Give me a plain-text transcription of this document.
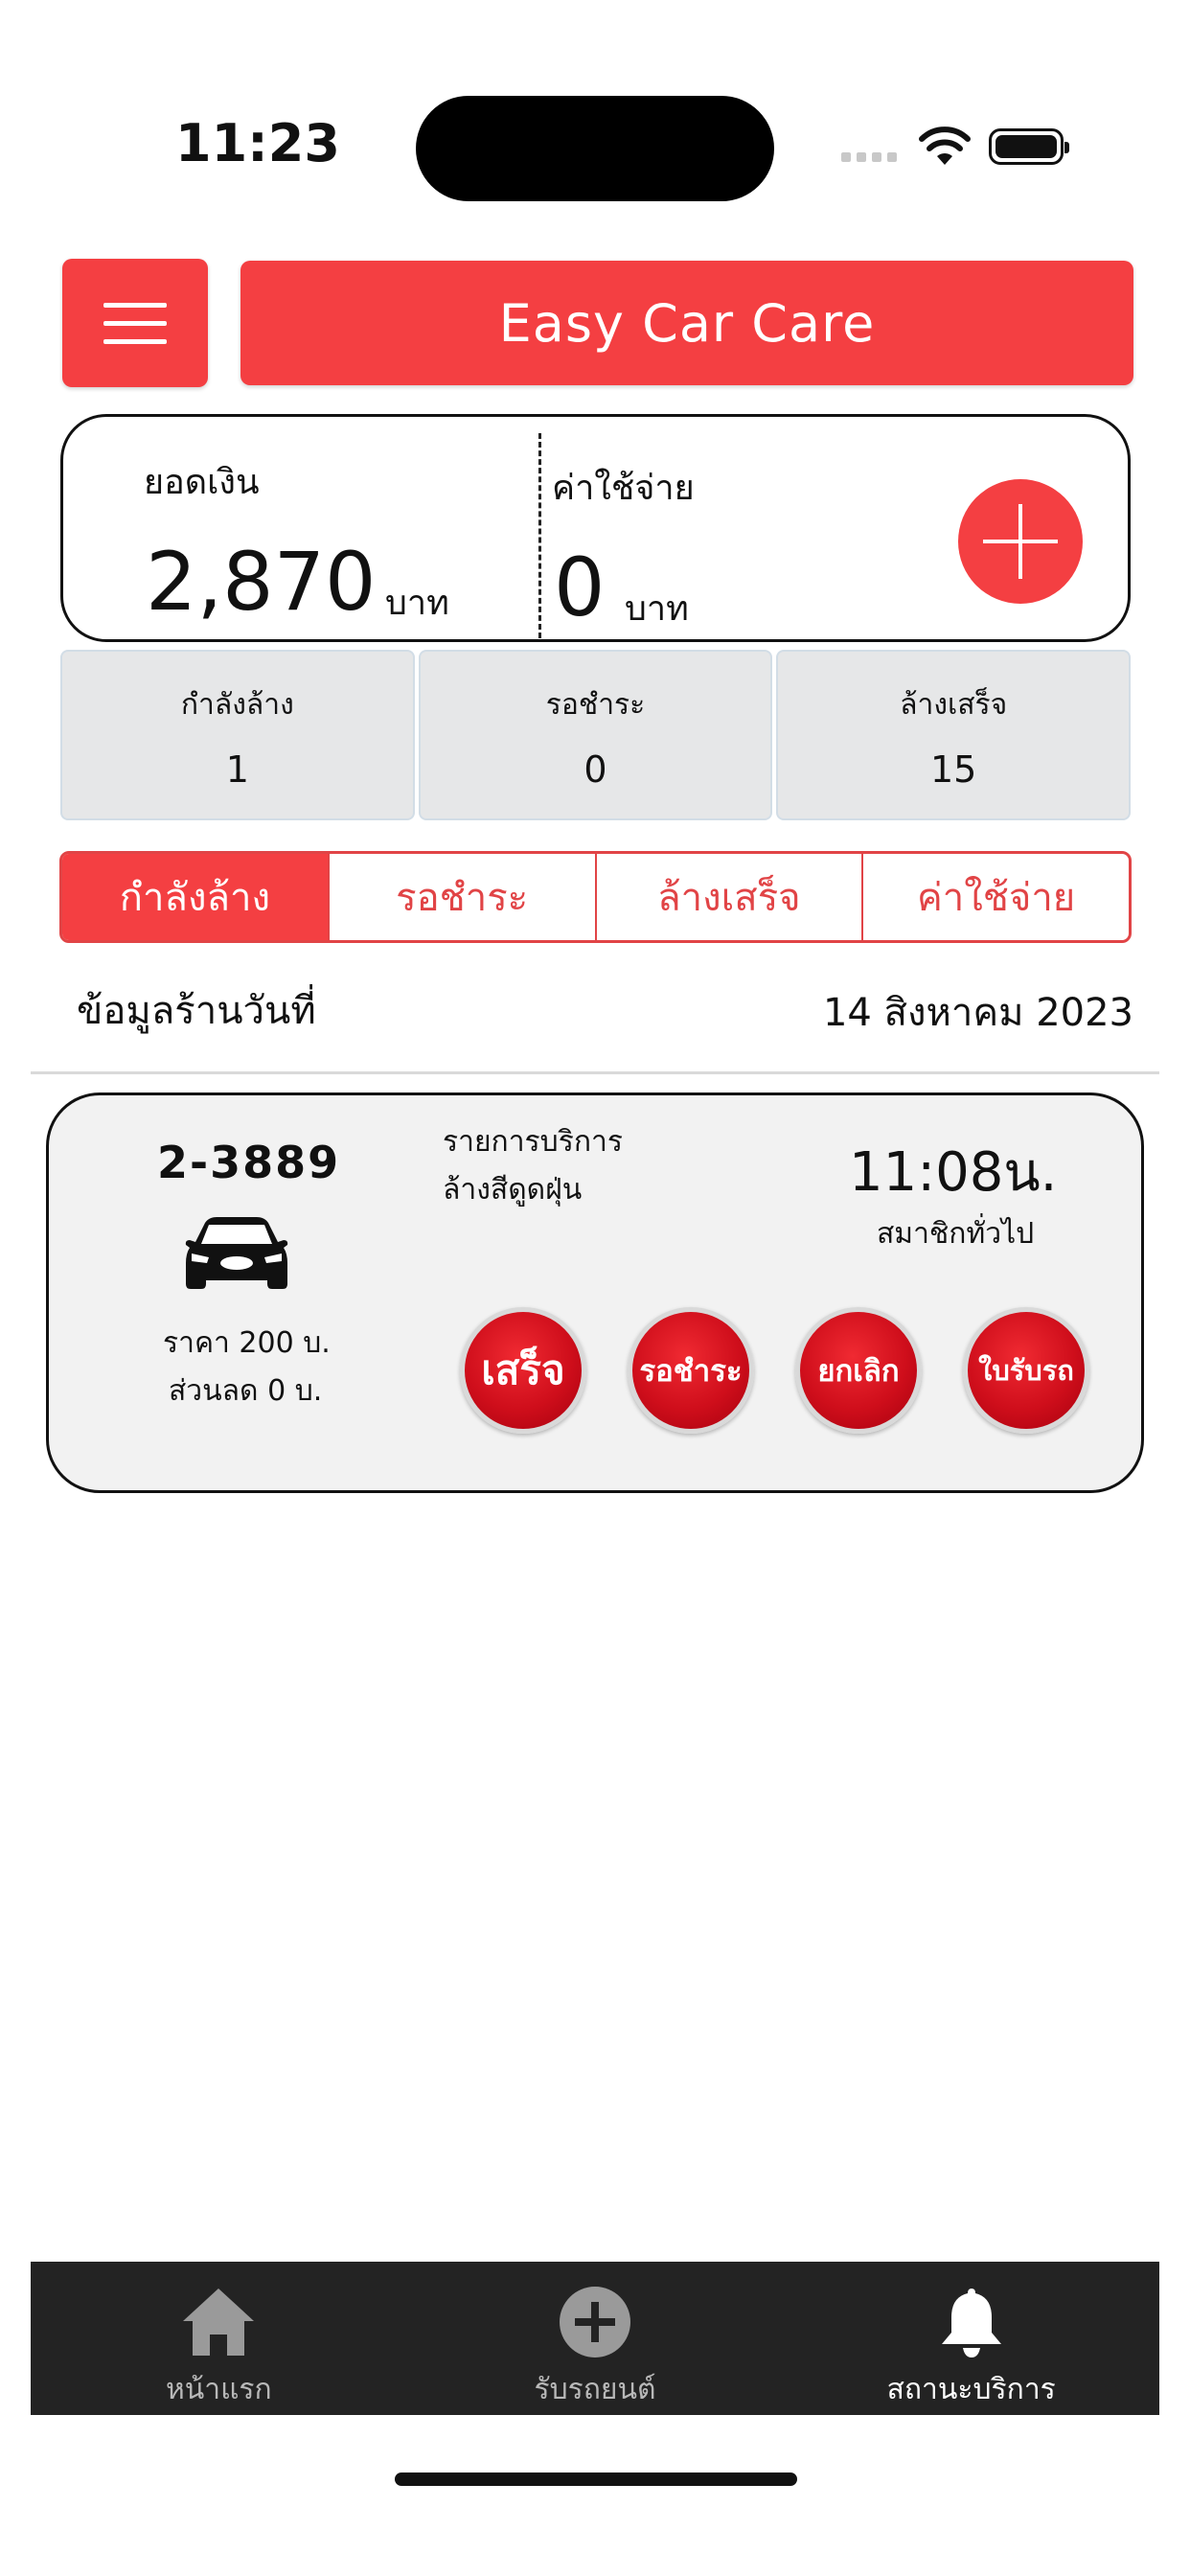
11:23
Easy Car Care
ยอดเงิน
2,870 บาท
ค่าใช้จ่าย
0 บาท
กำลังล้าง
1
รอชำระ
0
ล้างเสร็จ
15
กำลังล้าง	รอชำระ	ล้างเสร็จ	ค่าใช้จ่าย
ข้อมูลร้านวันที่	14 สิงหาคม 2023
2-3889
ราคา 200 บ.
ส่วนลด 0 บ.
รายการบริการ
ล้างสีดูดฝุ่น	11:08น.
สมาชิกทั่วไป
เสร็จ	รอชำระ	ยกเลิก	ใบรับรถ
หน้าแรก	รับรถยนต์	สถานะบริการ
